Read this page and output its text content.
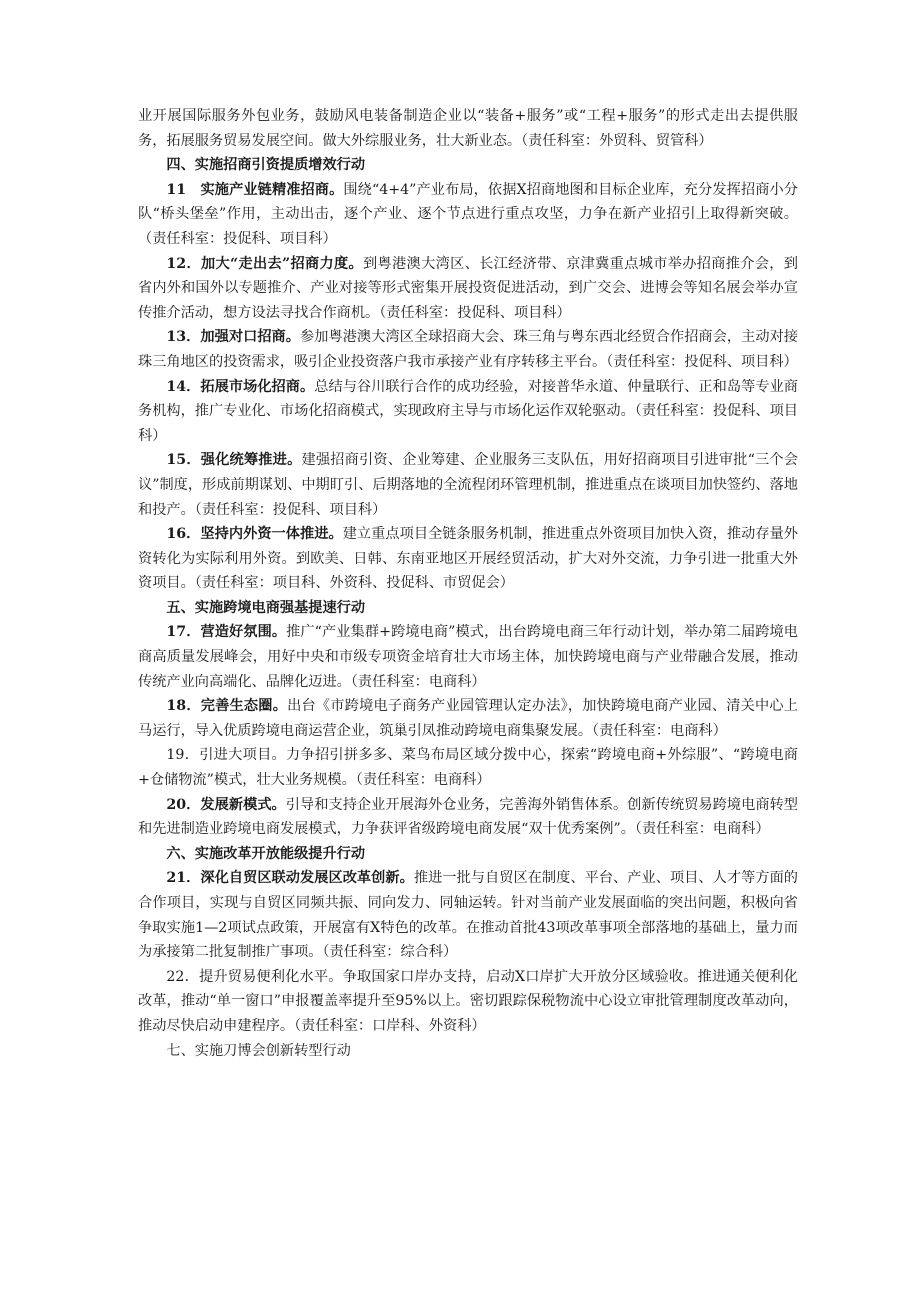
业开展国际服务外包业务，鼓励风电装备制造企业以“装备+服务”或“工程+服务”的形式走出去提供服务，拓展服务贸易发展空间。做大外综服业务，壮大新业态。（责任科室：外贸科、贸管科）

四、实施招商引资提质增效行动

11　实施产业链精准招商。围绕“4+4”产业布局，依据X招商地图和目标企业库，充分发挥招商小分队“桥头堡垒”作用，主动出击，逐个产业、逐个节点进行重点攻坚，力争在新产业招引上取得新突破。（责任科室：投促科、项目科）

12．加大“走出去”招商力度。到粤港澳大湾区、长江经济带、京津冀重点城市举办招商推介会，到省内外和国外以专题推介、产业对接等形式密集开展投资促进活动，到广交会、进博会等知名展会举办宣传推介活动，想方设法寻找合作商机。（责任科室：投促科、项目科）

13．加强对口招商。参加粤港澳大湾区全球招商大会、珠三角与粤东西北经贸合作招商会，主动对接珠三角地区的投资需求，吸引企业投资落户我市承接产业有序转移主平台。（责任科室：投促科、项目科）

14．拓展市场化招商。总结与谷川联行合作的成功经验，对接普华永道、仲量联行、正和岛等专业商务机构，推广专业化、市场化招商模式，实现政府主导与市场化运作双轮驱动。（责任科室：投促科、项目科）

15．强化统筹推进。建强招商引资、企业筹建、企业服务三支队伍，用好招商项目引进审批“三个会议”制度，形成前期谋划、中期盯引、后期落地的全流程闭环管理机制，推进重点在谈项目加快签约、落地和投产。（责任科室：投促科、项目科）

16．坚持内外资一体推进。建立重点项目全链条服务机制，推进重点外资项目加快入资，推动存量外资转化为实际利用外资。到欧美、日韩、东南亚地区开展经贸活动，扩大对外交流，力争引进一批重大外资项目。（责任科室：项目科、外资科、投促科、市贸促会）

五、实施跨境电商强基提速行动

17．营造好氛围。推广“产业集群+跨境电商”模式，出台跨境电商三年行动计划，举办第二届跨境电商高质量发展峰会，用好中央和市级专项资金培育壮大市场主体，加快跨境电商与产业带融合发展，推动传统产业向高端化、品牌化迈进。（责任科室：电商科）

18．完善生态圈。出台《市跨境电子商务产业园管理认定办法》，加快跨境电商产业园、清关中心上马运行，导入优质跨境电商运营企业，筑巢引凤推动跨境电商集聚发展。（责任科室：电商科）

19．引进大项目。力争招引拼多多、菜鸟布局区域分拨中心，探索“跨境电商+外综服”、“跨境电商+仓储物流”模式，壮大业务规模。（责任科室：电商科）

20．发展新模式。引导和支持企业开展海外仓业务，完善海外销售体系。创新传统贸易跨境电商转型和先进制造业跨境电商发展模式，力争获评省级跨境电商发展“双十优秀案例”。（责任科室：电商科）

六、实施改革开放能级提升行动

21．深化自贸区联动发展区改革创新。推进一批与自贸区在制度、平台、产业、项目、人才等方面的合作项目，实现与自贸区同频共振、同向发力、同轴运转。针对当前产业发展面临的突出问题，积极向省争取实施1—2项试点政策，开展富有X特色的改革。在推动首批43项改革事项全部落地的基础上，量力而为承接第二批复制推广事项。（责任科室：综合科）

22．提升贸易便利化水平。争取国家口岸办支持，启动X口岸扩大开放分区域验收。推进通关便利化改革，推动“单一窗口”申报覆盖率提升至95%以上。密切跟踪保税物流中心设立审批管理制度改革动向，推动尽快启动申建程序。（责任科室：口岸科、外资科）

七、实施刀博会创新转型行动
